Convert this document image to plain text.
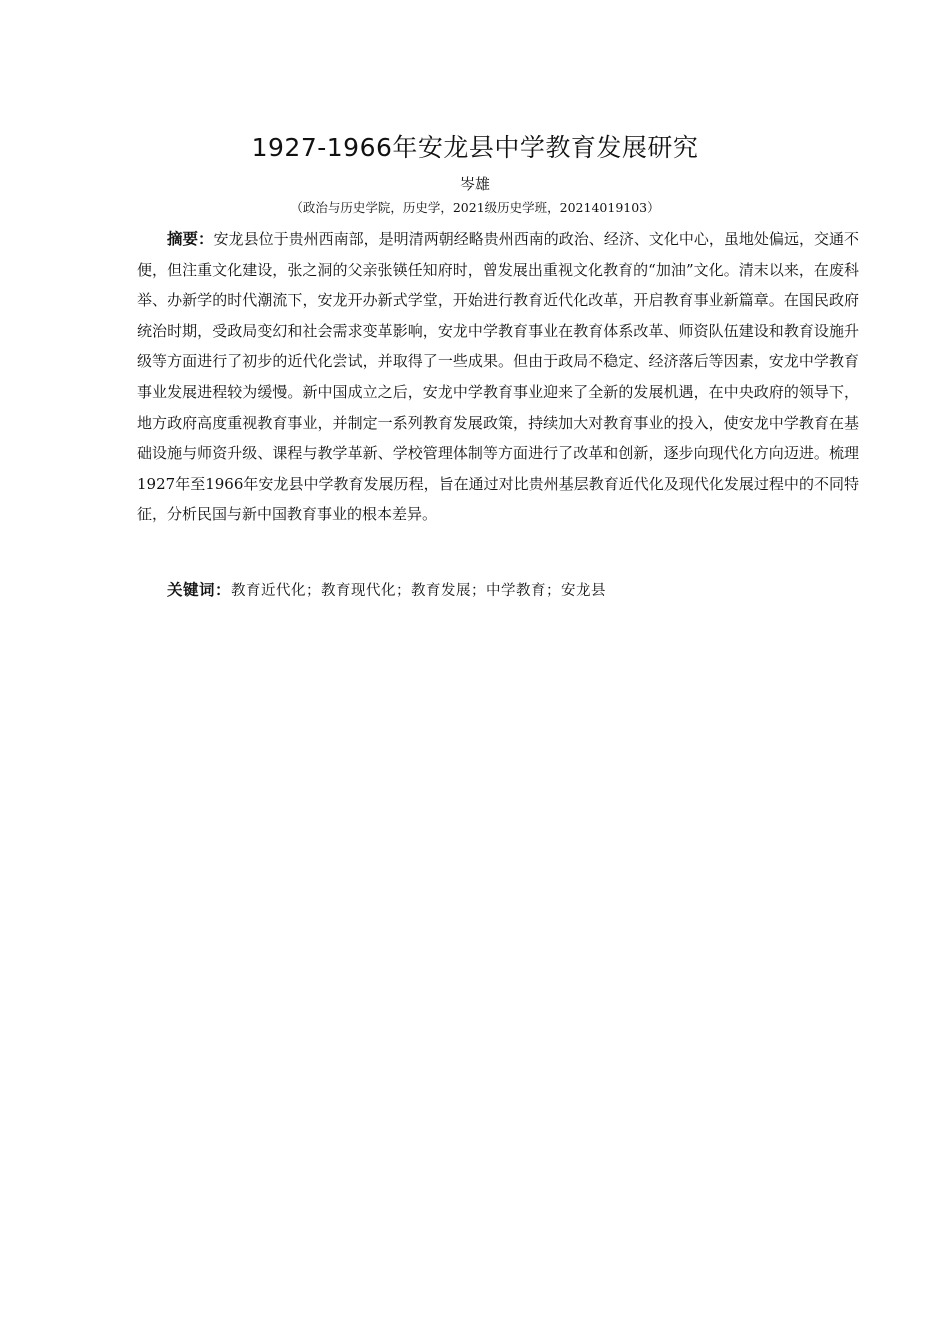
1927-1966年安龙县中学教育发展研究
岑雄
（政治与历史学院，历史学，2021级历史学班，20214019103）

摘要：安龙县位于贵州西南部，是明清两朝经略贵州西南的政治、经济、文化中心，虽地处偏远，交通不便，但注重文化建设，张之洞的父亲张锳任知府时，曾发展出重视文化教育的“加油”文化。清末以来，在废科举、办新学的时代潮流下，安龙开办新式学堂，开始进行教育近代化改革，开启教育事业新篇章。在国民政府统治时期，受政局变幻和社会需求变革影响，安龙中学教育事业在教育体系改革、师资队伍建设和教育设施升级等方面进行了初步的近代化尝试，并取得了一些成果。但由于政局不稳定、经济落后等因素，安龙中学教育事业发展进程较为缓慢。新中国成立之后，安龙中学教育事业迎来了全新的发展机遇，在中央政府的领导下，地方政府高度重视教育事业，并制定一系列教育发展政策，持续加大对教育事业的投入，使安龙中学教育在基础设施与师资升级、课程与教学革新、学校管理体制等方面进行了改革和创新，逐步向现代化方向迈进。梳理1927年至1966年安龙县中学教育发展历程，旨在通过对比贵州基层教育近代化及现代化发展过程中的不同特征，分析民国与新中国教育事业的根本差异。

关键词：教育近代化；教育现代化；教育发展；中学教育；安龙县
